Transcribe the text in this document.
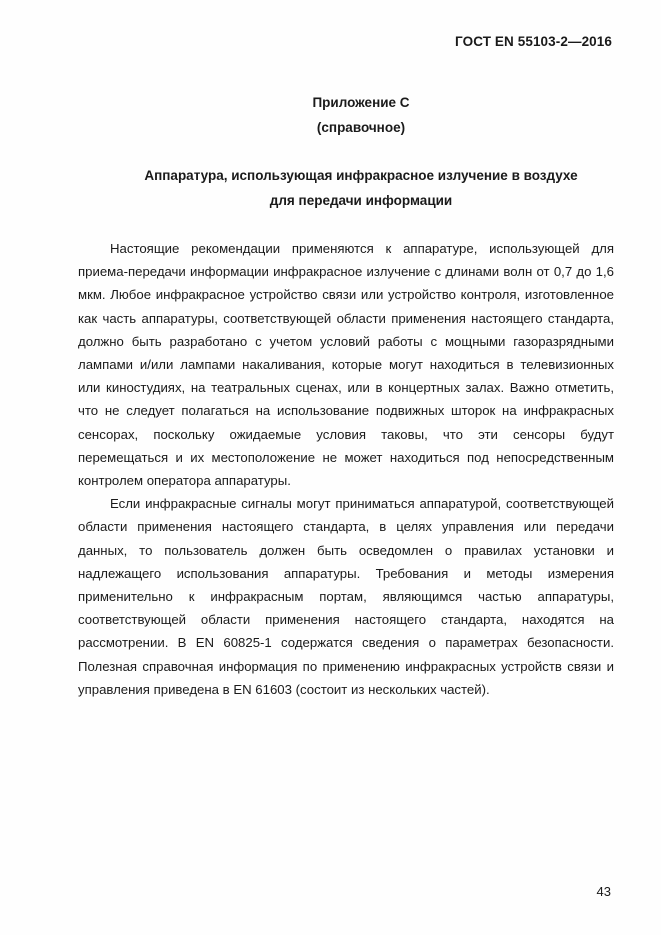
ГОСТ EN 55103-2—2016
Приложение С
(справочное)
Аппаратура, использующая инфракрасное излучение в воздухе
для передачи информации

Настоящие рекомендации применяются к аппаратуре, использующей для приема-передачи информации инфракрасное излучение с длинами волн от 0,7 до 1,6 мкм. Любое инфракрасное устройство связи или устройство контроля, изготовленное как часть аппаратуры, соответствующей области применения настоящего стандарта, должно быть разработано с учетом условий работы с мощными газоразрядными лампами и/или лампами накаливания, которые могут находиться в телевизионных или киностудиях, на театральных сценах, или в концертных залах. Важно отметить, что не следует полагаться на использование подвижных шторок на инфракрасных сенсорах, поскольку ожидаемые условия таковы, что эти сенсоры будут перемещаться и их местоположение не может находиться под непосредственным контролем оператора аппаратуры.

Если инфракрасные сигналы могут приниматься аппаратурой, соответствующей области применения настоящего стандарта, в целях управления или передачи данных, то пользователь должен быть осведомлен о правилах установки и надлежащего использования аппаратуры. Требования и методы измерения применительно к инфракрасным портам, являющимся частью аппаратуры, соответствующей области применения настоящего стандарта, находятся на рассмотрении. В EN 60825-1 содержатся сведения о параметрах безопасности. Полезная справочная информация по применению инфракрасных устройств связи и управления приведена в EN 61603 (состоит из нескольких частей).

43
